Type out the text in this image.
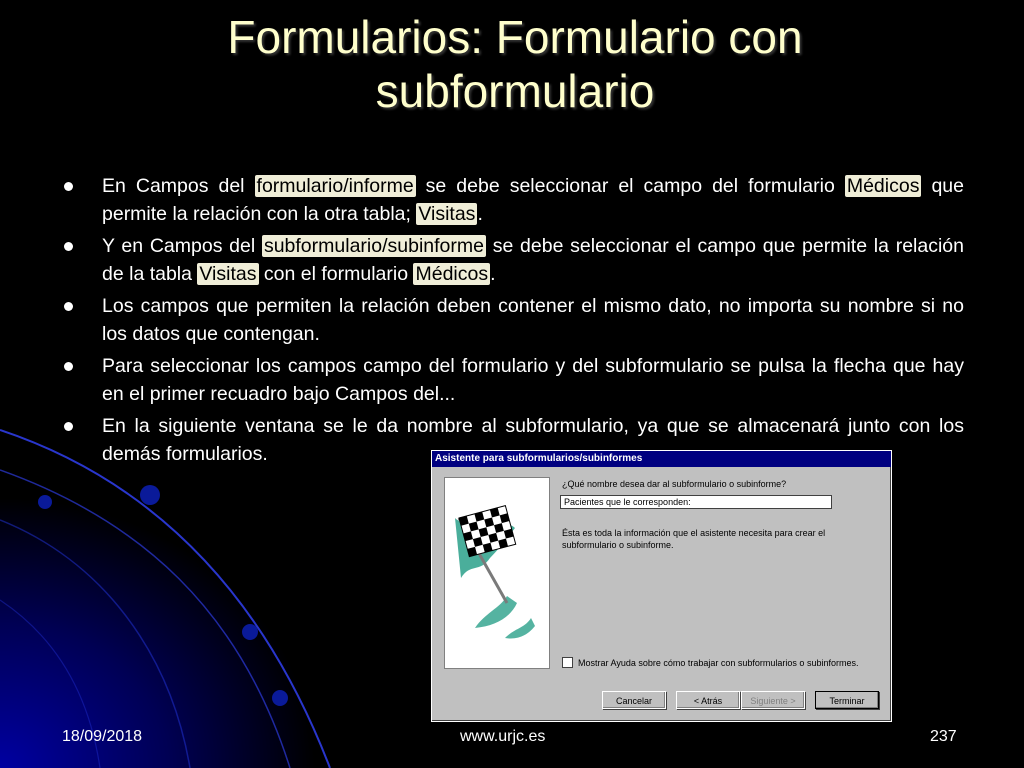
Formularios: Formulario con
subformulario
En Campos del formulario/informe se debe seleccionar el campo del formulario Médicos que permite la relación con la otra tabla; Visitas .
Y en Campos del subformulario/subinforme se debe seleccionar el campo que permite la relación de la tabla Visitas con el formulario Médicos .
Los campos que permiten la relación deben contener el mismo dato, no importa su nombre si no los datos que contengan.
Para seleccionar los campos campo del formulario y del subformulario se pulsa la flecha que hay en el primer recuadro bajo Campos del...
En la siguiente ventana se le da nombre al subformulario, ya que se almacenará junto con los demás formularios.	Asistente para subformularios/subinformes
¿Qué nombre desea dar al subformulario o subinforme?
Pacientes que le corresponden:
Ésta es toda la información que el asistente necesita para crear el
subformulario o subinforme.
Mostrar Ayuda sobre cómo trabajar con subformularios o subinformes.
Cancelar	< Atrás	Siguiente >	Terminar
18/09/2018	www.urjc.es	237
